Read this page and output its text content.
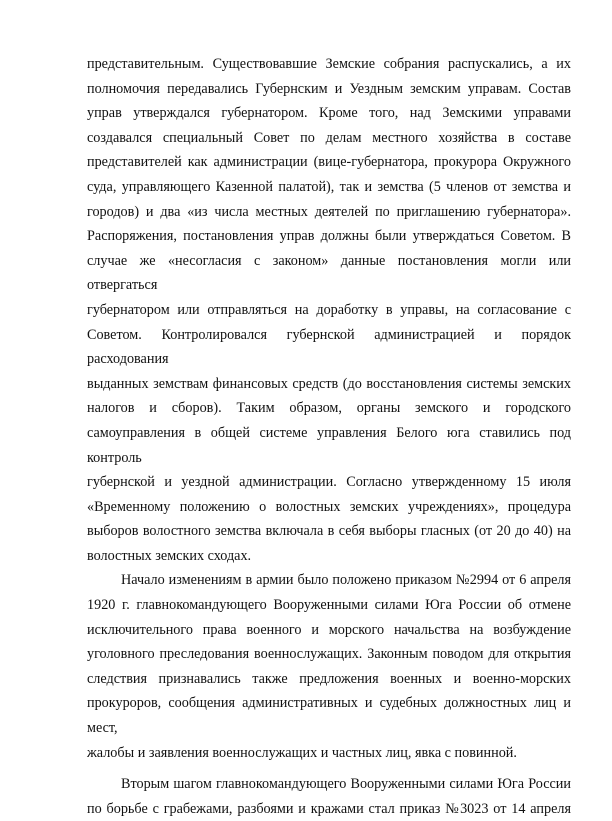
представительным. Существовавшие Земские собрания распускались, а их
полномочия передавались Губернским и Уездным земским управам. Состав
управ утверждался губернатором. Кроме того, над Земскими управами
создавался специальный Совет по делам местного хозяйства в составе
представителей как администрации (вице-губернатора, прокурора Окружного
суда, управляющего Казенной палатой), так и земства (5 членов от земства и
городов) и два «из числа местных деятелей по приглашению губернатора».
Распоряжения, постановления управ должны были утверждаться Советом. В
случае же «несогласия с законом» данные постановления могли или отвергаться
губернатором или отправляться на доработку в управы, на согласование с
Советом. Контролировался губернской администрацией и порядок расходования
выданных земствам финансовых средств (до восстановления системы земских
налогов и сборов). Таким образом, органы земского и городского
самоуправления в общей системе управления Белого юга ставились под контроль
губернской и уездной администрации. Согласно утвержденному 15 июля
«Временному положению о волостных земских учреждениях», процедура
выборов волостного земства включала в себя выборы гласных (от 20 до 40) на
волостных земских сходах.
Начало изменениям в армии было положено приказом №2994 от 6 апреля
1920 г. главнокомандующего Вооруженными силами Юга России об отмене
исключительного права военного и морского начальства на возбуждение
уголовного преследования военнослужащих. Законным поводом для открытия
следствия признавались также предложения военных и военно-морских
прокуроров, сообщения административных и судебных должностных лиц и мест,
жалобы и заявления военнослужащих и частных лиц, явка с повинной.
Вторым шагом главнокомандующего Вооруженными силами Юга России
по борьбе с грабежами, разбоями и кражами стал приказ №3023 от 14 апреля
